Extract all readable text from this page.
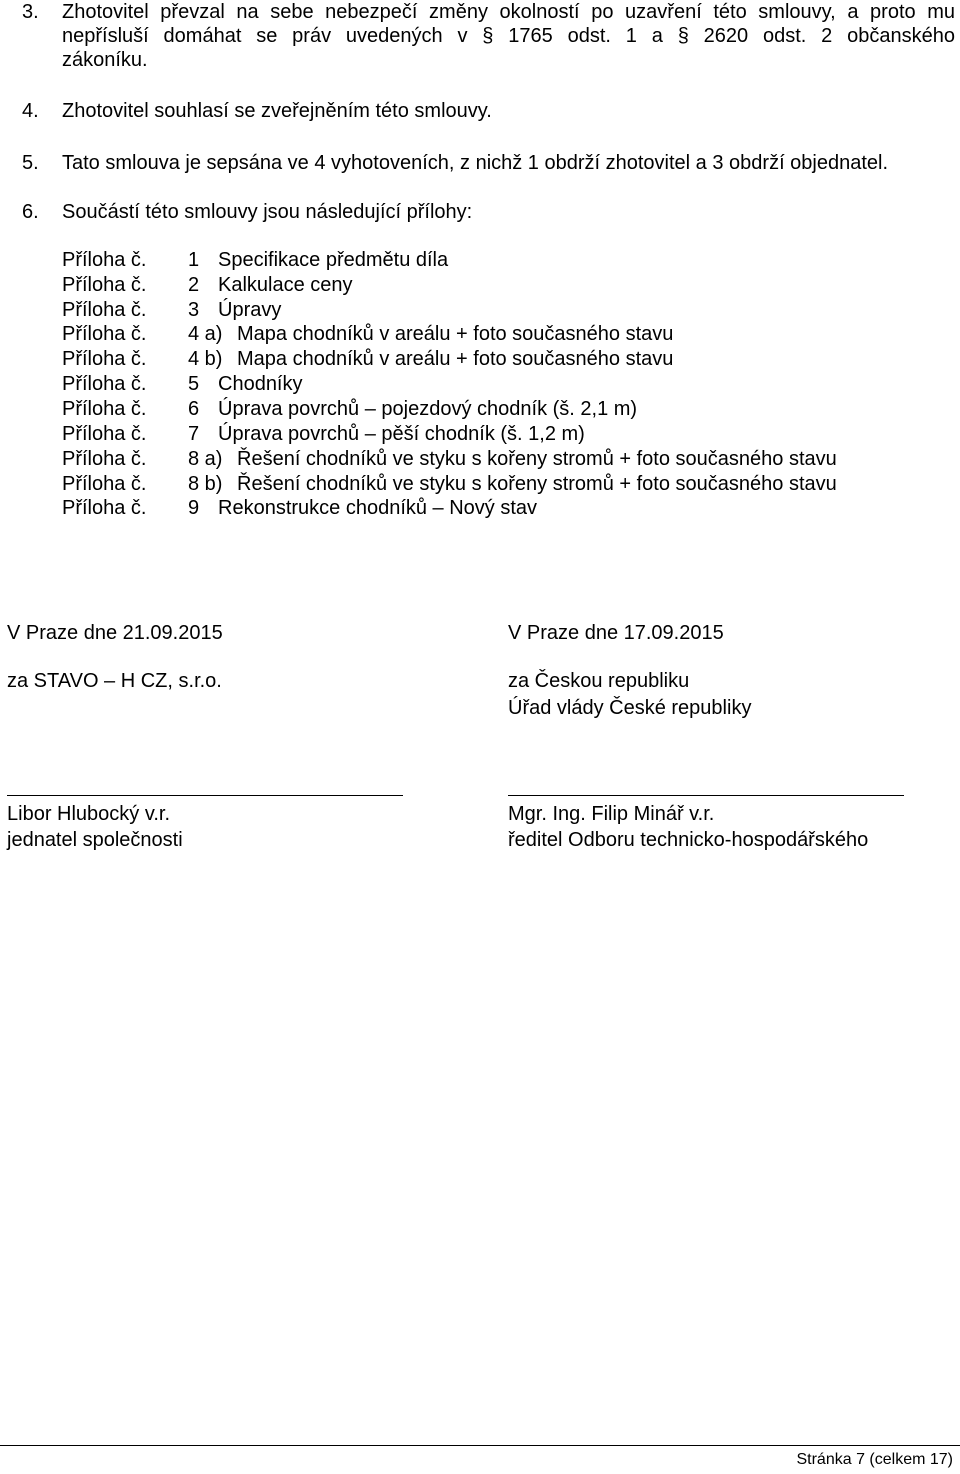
3. Zhotovitel převzal na sebe nebezpečí změny okolností po uzavření této smlouvy, a proto mu
nepřísluší domáhat se práv uvedených v § 1765 odst. 1 a § 2620 odst. 2 občanského
zákoníku.
4. Zhotovitel souhlasí se zveřejněním této smlouvy.
5. Tato smlouva je sepsána ve 4 vyhotoveních, z nichž 1 obdrží zhotovitel a 3 obdrží objednatel.
6. Součástí této smlouvy jsou následující přílohy:
Příloha č. 1 Specifikace předmětu díla
Příloha č. 2 Kalkulace ceny
Příloha č. 3 Úpravy
Příloha č. 4 a) Mapa chodníků v areálu + foto současného stavu
Příloha č. 4 b) Mapa chodníků v areálu + foto současného stavu
Příloha č. 5 Chodníky
Příloha č. 6 Úprava povrchů – pojezdový chodník (š. 2,1 m)
Příloha č. 7 Úprava povrchů – pěší chodník (š. 1,2 m)
Příloha č. 8 a) Řešení chodníků ve styku s kořeny stromů + foto současného stavu
Příloha č. 8 b) Řešení chodníků ve styku s kořeny stromů + foto současného stavu
Příloha č. 9 Rekonstrukce chodníků – Nový stav
V Praze dne 21.09.2015
za STAVO – H CZ, s.r.o.
Libor Hlubocký v.r.
jednatel společnosti
V Praze dne 17.09.2015
za Českou republiku
Úřad vlády České republiky
Mgr. Ing. Filip Minář v.r.
ředitel Odboru technicko-hospodářského
Stránka 7 (celkem 17)
